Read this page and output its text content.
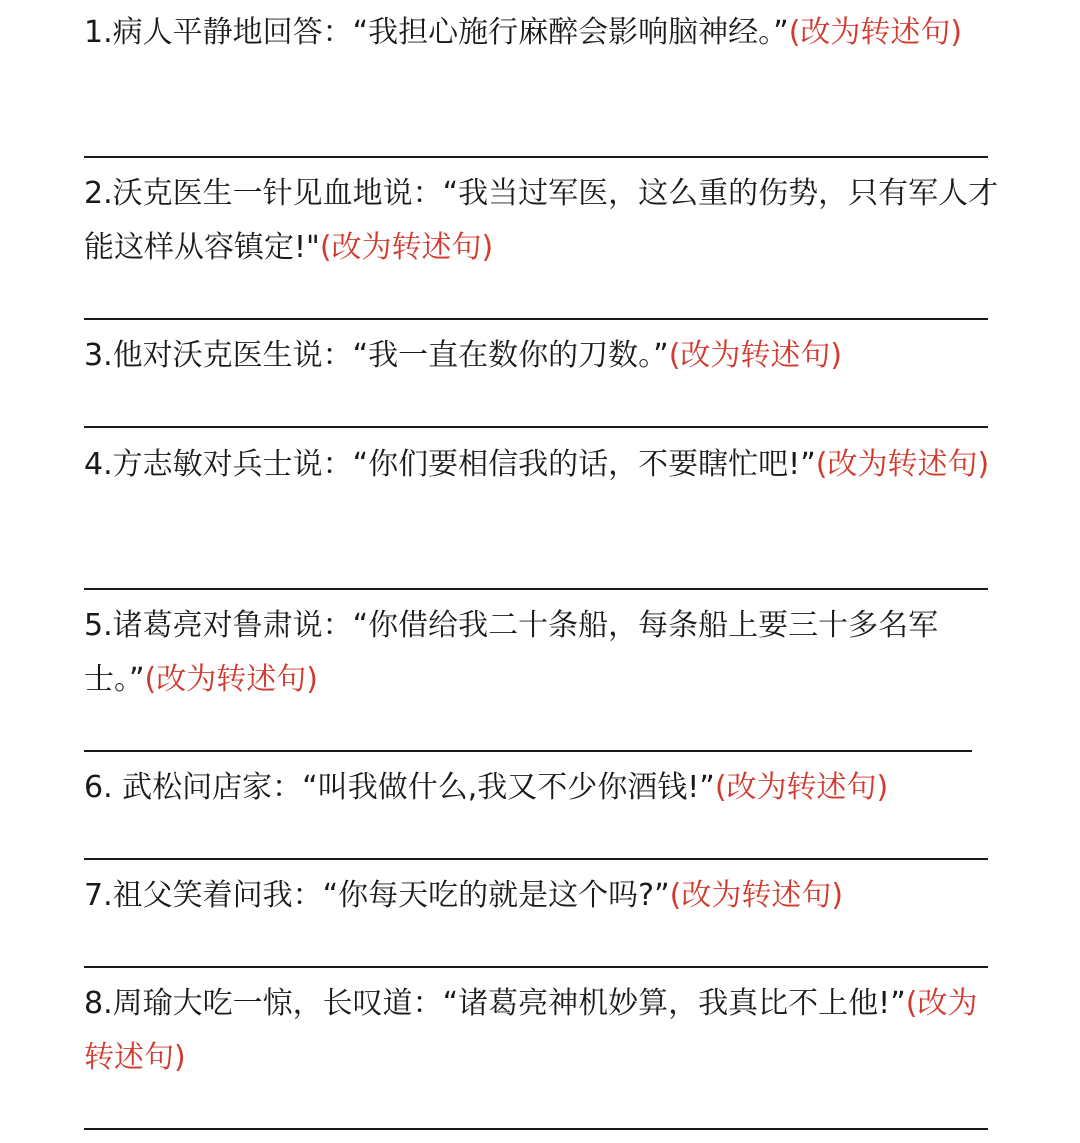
1.病人平静地回答：“我担心施行麻醉会影响脑神经。”(改为转述句)
2.沃克医生一针见血地说：“我当过军医，这么重的伤势，只有军人才能这样从容镇定!"(改为转述句)
3.他对沃克医生说：“我一直在数你的刀数。”(改为转述句)
4.方志敏对兵士说：“你们要相信我的话，不要瞎忙吧!”(改为转述句)
5.诸葛亮对鲁肃说：“你借给我二十条船，每条船上要三十多名军士。”(改为转述句)
6. 武松问店家：“叫我做什么,我又不少你酒钱!”(改为转述句)
7.祖父笑着问我：“你每天吃的就是这个吗?”(改为转述句)
8.周瑜大吃一惊，长叹道：“诸葛亮神机妙算，我真比不上他!”(改为转述句)
